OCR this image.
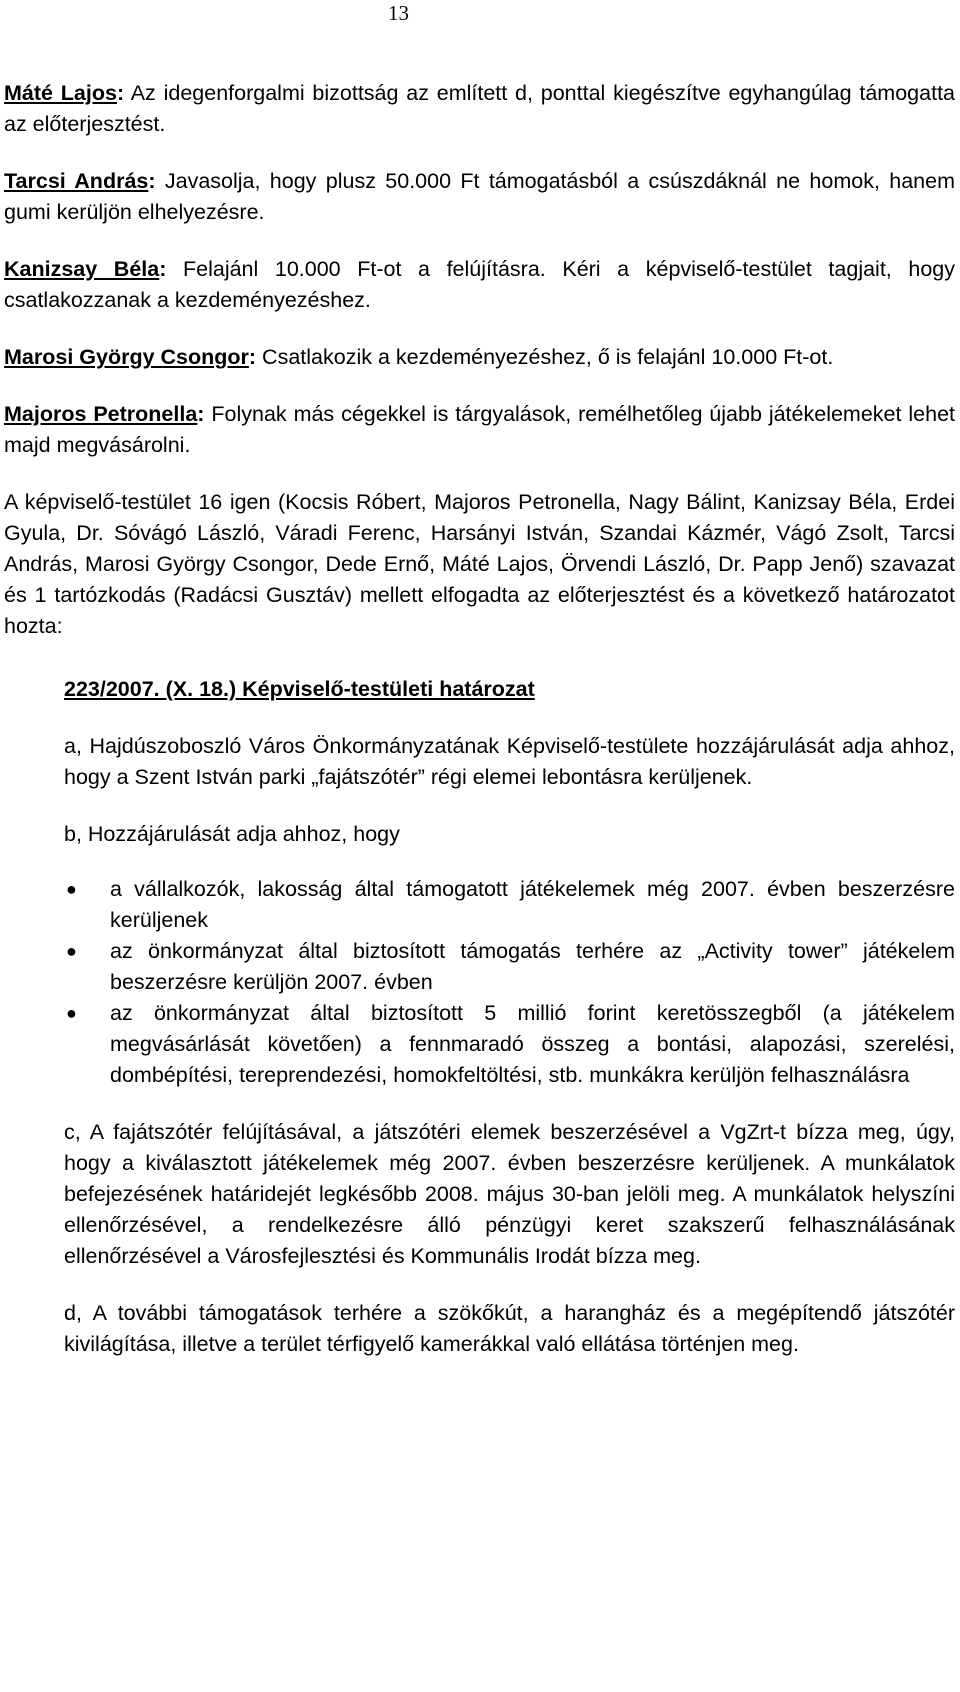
13

Máté Lajos: Az idegenforgalmi bizottság az említett d, ponttal kiegészítve egyhangúlag támogatta az előterjesztést.

Tarcsi András: Javasolja, hogy plusz 50.000 Ft támogatásból a csúszdáknál ne homok, hanem gumi kerüljön elhelyezésre.

Kanizsay Béla: Felajánl 10.000 Ft-ot a felújításra. Kéri a képviselő-testület tagjait, hogy csatlakozzanak a kezdeményezéshez.

Marosi György Csongor: Csatlakozik a kezdeményezéshez, ő is felajánl 10.000 Ft-ot.

Majoros Petronella: Folynak más cégekkel is tárgyalások, remélhetőleg újabb játékelemeket lehet majd megvásárolni.

A képviselő-testület 16 igen (Kocsis Róbert, Majoros Petronella, Nagy Bálint, Kanizsay Béla, Erdei Gyula, Dr. Sóvágó László, Váradi Ferenc, Harsányi István, Szandai Kázmér, Vágó Zsolt, Tarcsi András, Marosi György Csongor, Dede Ernő, Máté Lajos, Örvendi László, Dr. Papp Jenő) szavazat és 1 tartózkodás (Radácsi Gusztáv) mellett elfogadta az előterjesztést és a következő határozatot hozta:

223/2007. (X. 18.) Képviselő-testületi határozat

a, Hajdúszoboszló Város Önkormányzatának Képviselő-testülete hozzájárulását adja ahhoz, hogy a Szent István parki „fajátszótér” régi elemei lebontásra kerüljenek.

b, Hozzájárulását adja ahhoz, hogy

● a vállalkozók, lakosság által támogatott játékelemek még 2007. évben beszerzésre kerüljenek
● az önkormányzat által biztosított támogatás terhére az „Activity tower” játékelem beszerzésre kerüljön 2007. évben
● az önkormányzat által biztosított 5 millió forint keretösszegből (a játékelem megvásárlását követően) a fennmaradó összeg a bontási, alapozási, szerelési, dombépítési, tereprendezési, homokfeltöltési, stb. munkákra kerüljön felhasználásra

c, A fajátszótér felújításával, a játszótéri elemek beszerzésével a VgZrt-t bízza meg, úgy, hogy a kiválasztott játékelemek még 2007. évben beszerzésre kerüljenek. A munkálatok befejezésének határidejét legkésőbb 2008. május 30-ban jelöli meg. A munkálatok helyszíni ellenőrzésével, a rendelkezésre álló pénzügyi keret szakszerű felhasználásának ellenőrzésével a Városfejlesztési és Kommunális Irodát bízza meg.

d, A további támogatások terhére a szökőkút, a harangház és a megépítendő játszótér kivilágítása, illetve a terület térfigyelő kamerákkal való ellátása történjen meg.
